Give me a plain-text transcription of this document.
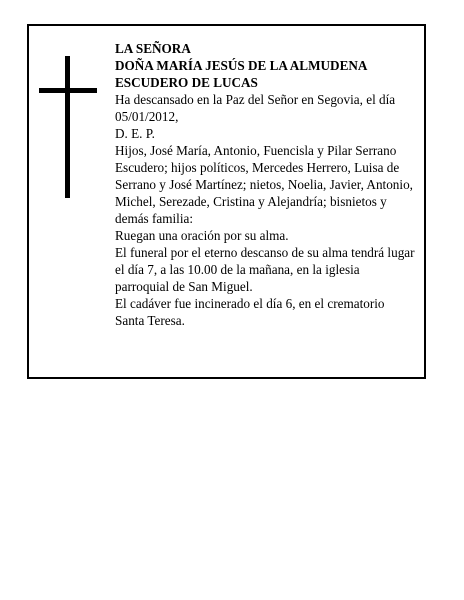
LA SEÑORA

DOÑA MARÍA JESÚS DE LA ALMUDENA ESCUDERO DE LUCAS

Ha descansado en la Paz del Señor en Segovia, el día 05/01/2012,

D. E. P.

Hijos, José María, Antonio, Fuencisla y Pilar Serrano Escudero; hijos políticos, Mercedes Herrero, Luisa de Serrano y José Martínez; nietos, Noelia, Javier, Antonio, Michel, Serezade, Cristina y Alejandría; bisnietos y demás familia:

Ruegan una oración por su alma.

El funeral por el eterno descanso de su alma tendrá lugar el día 7, a las 10.00 de la mañana, en la iglesia parroquial de San Miguel.

El cadáver fue incinerado el día 6, en el crematorio Santa Teresa.
